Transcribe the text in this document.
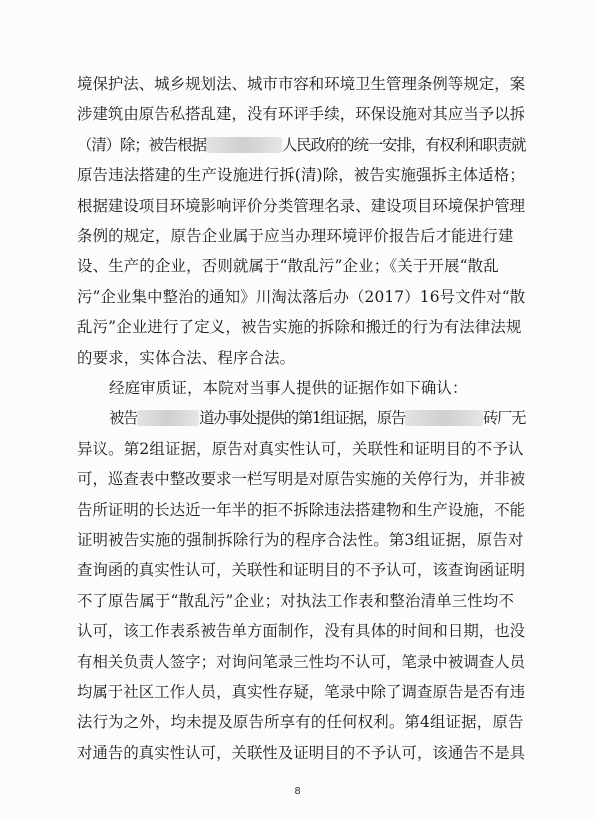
境保护法、城乡规划法、城市市容和环境卫生管理条例等规定，案
涉建筑由原告私搭乱建，没有环评手续，环保设施对其应当予以拆
（清）除；被告根据	人民政府的统一安排，有权利和职责就
原告违法搭建的生产设施进行拆(清)除，被告实施强拆主体适格；
根据建设项目环境影响评价分类管理名录、建设项目环境保护管理
条例的规定，原告企业属于应当办理环境评价报告后才能进行建
设、生产的企业，否则就属于“散乱污”企业；《关于开展“散乱
污”企业集中整治的通知》川淘汰落后办（2017）16号文件对“散
乱污”企业进行了定义，被告实施的拆除和搬迁的行为有法律法规
的要求，实体合法、程序合法。
经庭审质证，本院对当事人提供的证据作如下确认：
被告	道办事处提供的第1组证据，原告	砖厂无
异议。第2组证据，原告对真实性认可，关联性和证明目的不予认
可，巡查表中整改要求一栏写明是对原告实施的关停行为，并非被
告所证明的长达近一年半的拒不拆除违法搭建物和生产设施，不能
证明被告实施的强制拆除行为的程序合法性。第3组证据，原告对
查询函的真实性认可，关联性和证明目的不予认可，该查询函证明
不了原告属于“散乱污”企业；对执法工作表和整治清单三性均不
认可，该工作表系被告单方面制作，没有具体的时间和日期，也没
有相关负责人签字；对询问笔录三性均不认可，笔录中被调查人员
均属于社区工作人员，真实性存疑，笔录中除了调查原告是否有违
法行为之外，均未提及原告所享有的任何权利。第4组证据，原告
对通告的真实性认可，关联性及证明目的不予认可，该通告不是具
8
